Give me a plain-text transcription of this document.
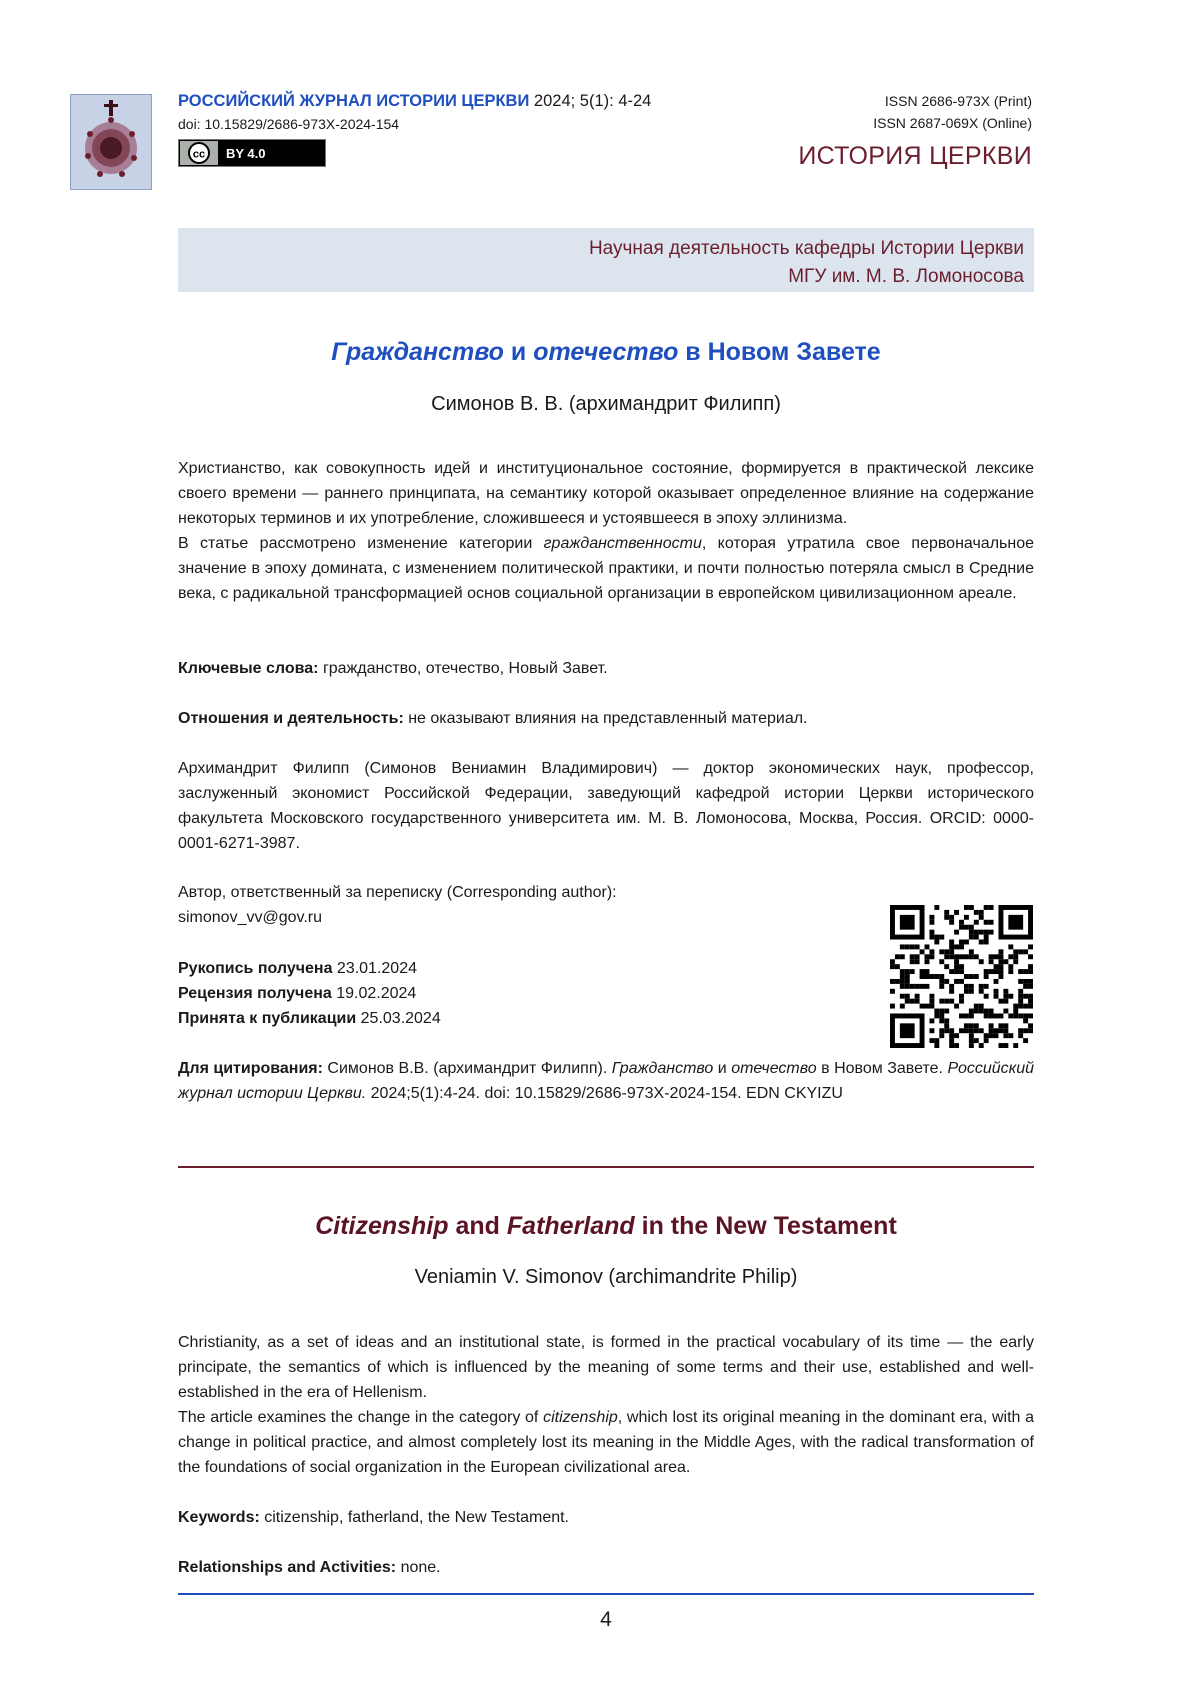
РОССИЙСКИЙ ЖУРНАЛ ИСТОРИИ ЦЕРКВИ 2024; 5(1): 4-24
doi: 10.15829/2686-973X-2024-154
cc BY 4.0
ISSN 2686-973X (Print)
ISSN 2687-069X (Online)
ИСТОРИЯ ЦЕРКВИ
Научная деятельность кафедры Истории Церкви
МГУ им. М. В. Ломоносова
Гражданство и отечество в Новом Завете
Симонов В. В. (архимандрит Филипп)

Христианство, как совокупность идей и институциональное состояние, формируется в практической лексике своего времени — раннего принципата, на семантику которой оказывает определенное влияние на содержание некоторых терминов и их употребление, сложившееся и устоявшееся в эпоху эллинизма.

В статье рассмотрено изменение категории гражданственности, которая утратила свое первоначальное значение в эпоху домината, с изменением политической практики, и почти полностью потеряла смысл в Средние века, с радикальной трансформацией основ социальной организации в европейском цивилизационном ареале.

Ключевые слова: гражданство, отечество, Новый Завет.

Отношения и деятельность: не оказывают влияния на представленный материал.

Архимандрит Филипп (Симонов Вениамин Владимирович) — доктор экономических наук, профессор, заслуженный экономист Российской Федерации, заведующий кафедрой истории Церкви исторического факультета Московского государственного университета им. М. В. Ломоносова, Москва, Россия. ORCID: 0000-0001-6271-3987.

Автор, ответственный за переписку (Corresponding author):

simonov_vv@gov.ru

Рукопись получена 23.01.2024

Рецензия получена 19.02.2024

Принята к публикации 25.03.2024

Для цитирования: Симонов В.В. (архимандрит Филипп). Гражданство и отечество в Новом Завете. Российский журнал истории Церкви. 2024;5(1):4-24. doi: 10.15829/2686-973X-2024-154. EDN CKYIZU

Citizenship and Fatherland in the New Testament
Veniamin V. Simonov (archimandrite Philip)

Christianity, as a set of ideas and an institutional state, is formed in the practical vocabulary of its time — the early principate, the semantics of which is influenced by the meaning of some terms and their use, established and well-established in the era of Hellenism.

The article examines the change in the category of citizenship, which lost its original meaning in the dominant era, with a change in political practice, and almost completely lost its meaning in the Middle Ages, with the radical transformation of the foundations of social organization in the European civilizational area.

Keywords: citizenship, fatherland, the New Testament.

Relationships and Activities: none.

4
